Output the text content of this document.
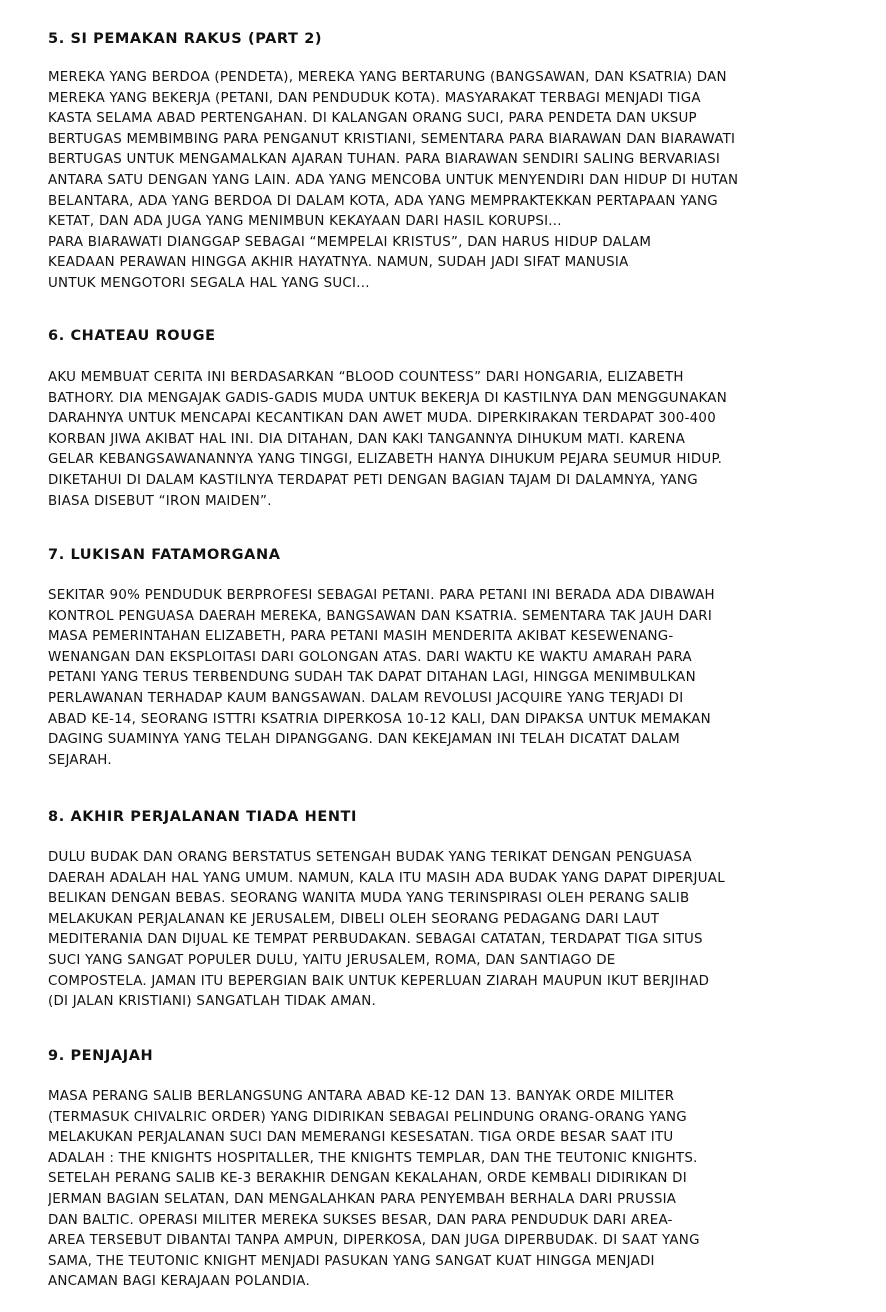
5. SI PEMAKAN RAKUS (PART 2)
MEREKA YANG BERDOA (PENDETA), MEREKA YANG BERTARUNG (BANGSAWAN, DAN KSATRIA) DAN
MEREKA YANG BEKERJA (PETANI, DAN PENDUDUK KOTA). MASYARAKAT TERBAGI MENJADI TIGA
KASTA SELAMA ABAD PERTENGAHAN. DI KALANGAN ORANG SUCI, PARA PENDETA DAN UKSUP
BERTUGAS MEMBIMBING PARA PENGANUT KRISTIANI, SEMENTARA PARA BIARAWAN DAN BIARAWATI
BERTUGAS UNTUK MENGAMALKAN AJARAN TUHAN. PARA BIARAWAN SENDIRI SALING BERVARIASI
ANTARA SATU DENGAN YANG LAIN. ADA YANG MENCOBA UNTUK MENYENDIRI DAN HIDUP DI HUTAN
BELANTARA, ADA YANG BERDOA DI DALAM KOTA, ADA YANG MEMPRAKTEKKAN PERTAPAAN YANG
KETAT, DAN ADA JUGA YANG MENIMBUN KEKAYAAN DARI HASIL KORUPSI...
PARA BIARAWATI DIANGGAP SEBAGAI “MEMPELAI KRISTUS”, DAN HARUS HIDUP DALAM
KEADAAN PERAWAN HINGGA AKHIR HAYATNYA. NAMUN, SUDAH JADI SIFAT MANUSIA
UNTUK MENGOTORI SEGALA HAL YANG SUCI...
6. CHATEAU ROUGE
AKU MEMBUAT CERITA INI BERDASARKAN “BLOOD COUNTESS” DARI HONGARIA, ELIZABETH
BATHORY. DIA MENGAJAK GADIS-GADIS MUDA UNTUK BEKERJA DI KASTILNYA DAN MENGGUNAKAN
DARAHNYA UNTUK MENCAPAI KECANTIKAN DAN AWET MUDA. DIPERKIRAKAN TERDAPAT 300-400
KORBAN JIWA AKIBAT HAL INI. DIA DITAHAN, DAN KAKI TANGANNYA DIHUKUM MATI. KARENA
GELAR KEBANGSAWANANNYA YANG TINGGI, ELIZABETH HANYA DIHUKUM PEJARA SEUMUR HIDUP.
DIKETAHUI DI DALAM KASTILNYA TERDAPAT PETI DENGAN BAGIAN TAJAM DI DALAMNYA, YANG
BIASA DISEBUT “IRON MAIDEN”.
7. LUKISAN FATAMORGANA
SEKITAR 90% PENDUDUK BERPROFESI SEBAGAI PETANI. PARA PETANI INI BERADA ADA DIBAWAH
KONTROL PENGUASA DAERAH MEREKA, BANGSAWAN DAN KSATRIA. SEMENTARA TAK JAUH DARI
MASA PEMERINTAHAN ELIZABETH, PARA PETANI MASIH MENDERITA AKIBAT KESEWENANG-
WENANGAN DAN EKSPLOITASI DARI GOLONGAN ATAS. DARI WAKTU KE WAKTU AMARAH PARA
PETANI YANG TERUS TERBENDUNG SUDAH TAK DAPAT DITAHAN LAGI, HINGGA MENIMBULKAN
PERLAWANAN TERHADAP KAUM BANGSAWAN. DALAM REVOLUSI JACQUIRE YANG TERJADI DI
ABAD KE-14, SEORANG ISTTRI KSATRIA DIPERKOSA 10-12 KALI, DAN DIPAKSA UNTUK MEMAKAN
DAGING SUAMINYA YANG TELAH DIPANGGANG. DAN KEKEJAMAN INI TELAH DICATAT DALAM
SEJARAH.
8. AKHIR PERJALANAN TIADA HENTI
DULU BUDAK DAN ORANG BERSTATUS SETENGAH BUDAK YANG TERIKAT DENGAN PENGUASA
DAERAH ADALAH HAL YANG UMUM. NAMUN, KALA ITU MASIH ADA BUDAK YANG DAPAT DIPERJUAL
BELIKAN DENGAN BEBAS. SEORANG WANITA MUDA YANG TERINSPIRASI OLEH PERANG SALIB
MELAKUKAN PERJALANAN KE JERUSALEM, DIBELI OLEH SEORANG PEDAGANG DARI LAUT
MEDITERANIA DAN DIJUAL KE TEMPAT PERBUDAKAN. SEBAGAI CATATAN, TERDAPAT TIGA SITUS
SUCI YANG SANGAT POPULER DULU, YAITU JERUSALEM, ROMA, DAN SANTIAGO DE
COMPOSTELA. JAMAN ITU BEPERGIAN BAIK UNTUK KEPERLUAN ZIARAH MAUPUN IKUT BERJIHAD
(DI JALAN KRISTIANI) SANGATLAH TIDAK AMAN.
9. PENJAJAH
MASA PERANG SALIB BERLANGSUNG ANTARA ABAD KE-12 DAN 13. BANYAK ORDE MILITER
(TERMASUK CHIVALRIC ORDER) YANG DIDIRIKAN SEBAGAI PELINDUNG ORANG-ORANG YANG
MELAKUKAN PERJALANAN SUCI DAN MEMERANGI KESESATAN. TIGA ORDE BESAR SAAT ITU
ADALAH : THE KNIGHTS HOSPITALLER, THE KNIGHTS TEMPLAR, DAN THE TEUTONIC KNIGHTS.
SETELAH PERANG SALIB KE-3 BERAKHIR DENGAN KEKALAHAN, ORDE KEMBALI DIDIRIKAN DI
JERMAN BAGIAN SELATAN, DAN MENGALAHKAN PARA PENYEMBAH BERHALA DARI PRUSSIA
DAN BALTIC. OPERASI MILITER MEREKA SUKSES BESAR, DAN PARA PENDUDUK DARI AREA-
AREA TERSEBUT DIBANTAI TANPA AMPUN, DIPERKOSA, DAN JUGA DIPERBUDAK. DI SAAT YANG
SAMA, THE TEUTONIC KNIGHT MENJADI PASUKAN YANG SANGAT KUAT HINGGA MENJADI
ANCAMAN BAGI KERAJAAN POLANDIA.
